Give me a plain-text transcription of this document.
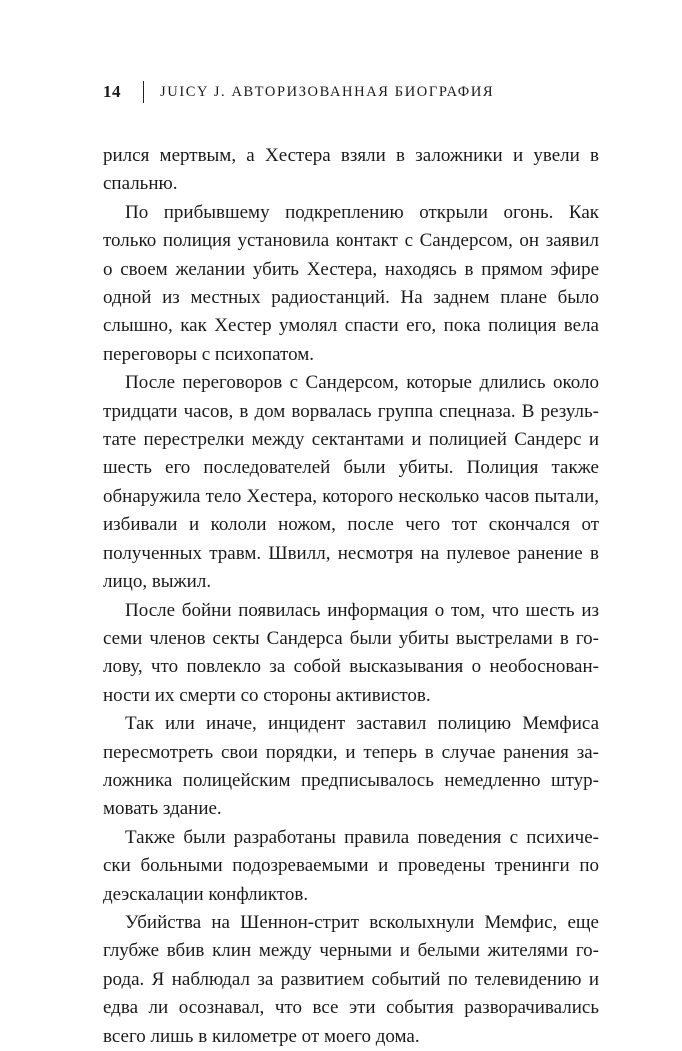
14	JUICY J. АВТОРИЗОВАННАЯ БИОГРАФИЯ

рился мертвым, а Хестера взяли в заложники и увели в спальню.

По прибывшему подкреплению открыли огонь. Как только полиция установила контакт с Сандерсом, он заявил о своем желании убить Хестера, находясь в прямом эфире одной из местных радиостанций. На заднем плане было слышно, как Хестер умолял спасти его, пока полиция вела переговоры с психопатом.

После переговоров с Сандерсом, которые длились около тридцати часов, в дом ворвалась группа спецназа. В результате перестрелки между сектантами и полицией Сандерс и шесть его последователей были убиты. Полиция также обнаружила тело Хестера, которого несколько часов пытали, избивали и кололи ножом, после чего тот скончался от полученных травм. Швилл, несмотря на пулевое ранение в лицо, выжил.

После бойни появилась информация о том, что шесть из семи членов секты Сандерса были убиты выстрелами в голову, что повлекло за собой высказывания о необоснованности их смерти со стороны активистов.

Так или иначе, инцидент заставил полицию Мемфиса пересмотреть свои порядки, и теперь в случае ранения заложника полицейским предписывалось немедленно штурмовать здание.

Также были разработаны правила поведения с психически больными подозреваемыми и проведены тренинги по деэскалации конфликтов.

Убийства на Шеннон-стрит всколыхнули Мемфис, еще глубже вбив клин между черными и белыми жителями города. Я наблюдал за развитием событий по телевидению и едва ли осознавал, что все эти события разворачивались всего лишь в километре от моего дома.
